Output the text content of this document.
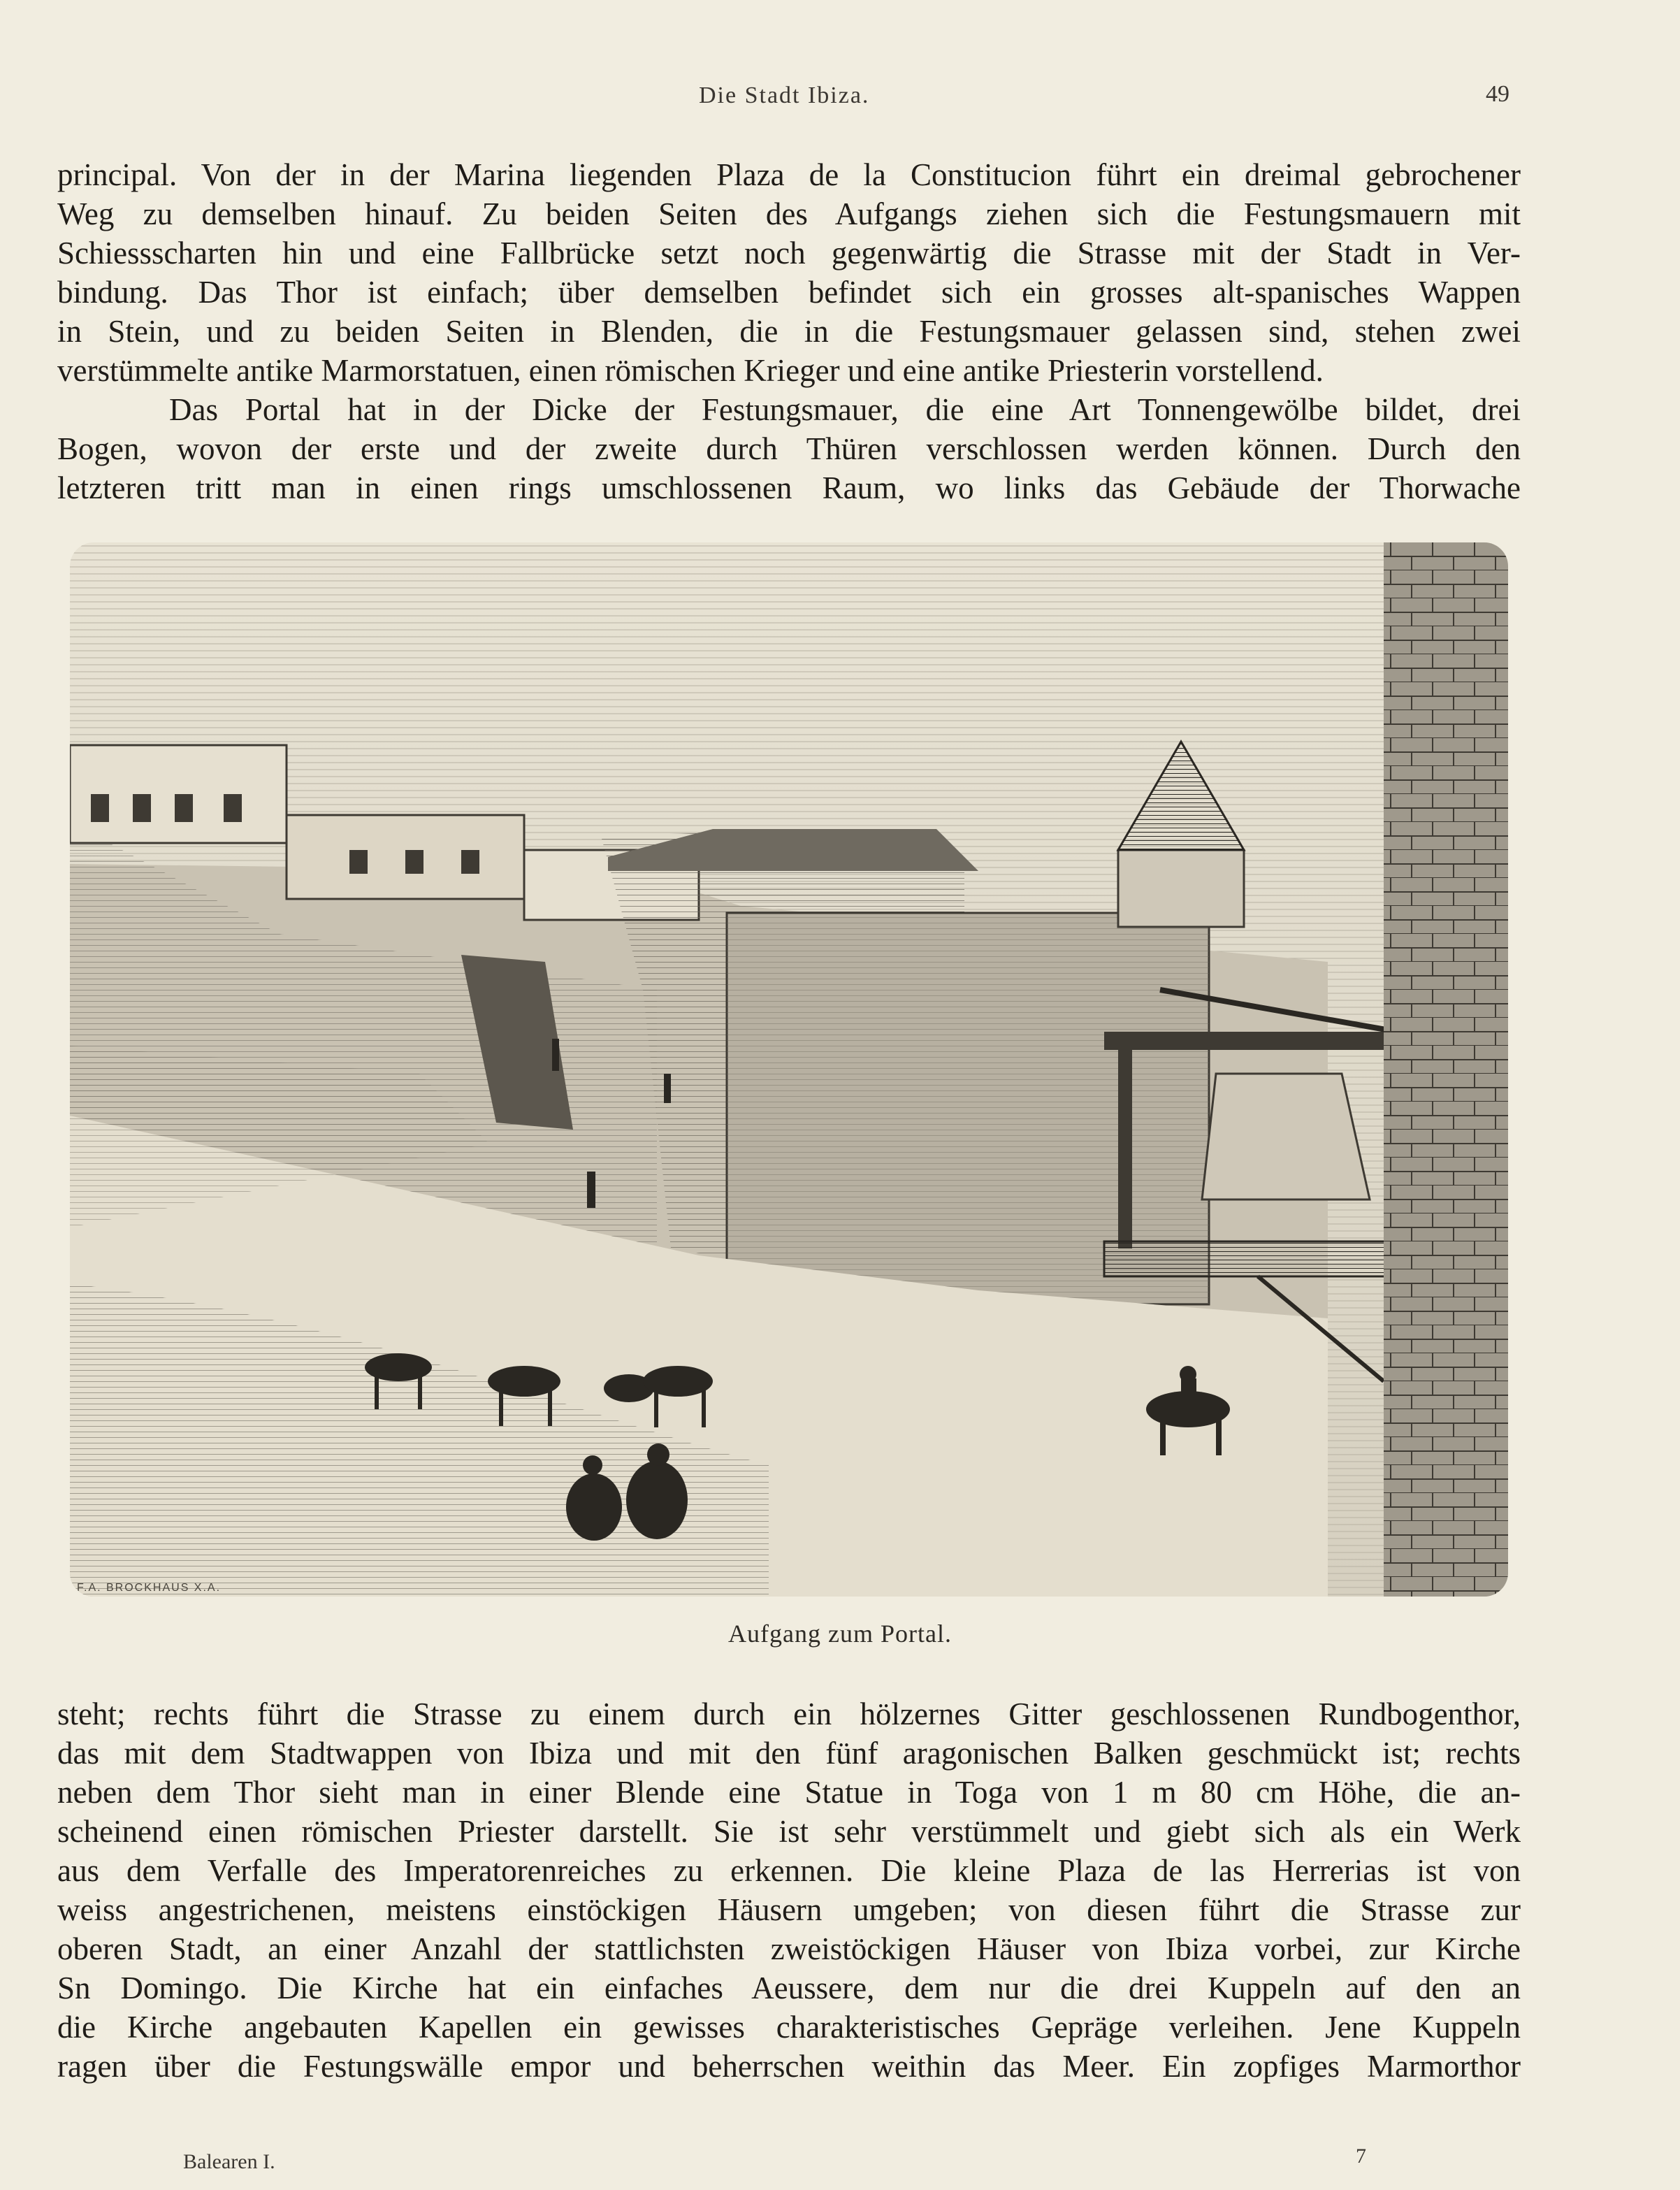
Die Stadt Ibiza.	49
principal. Von der in der Marina liegenden Plaza de la Constitucion führt ein dreimal gebrochener
Weg zu demselben hinauf. Zu beiden Seiten des Aufgangs ziehen sich die Festungsmauern mit
Schiessscharten hin und eine Fallbrücke setzt noch gegenwärtig die Strasse mit der Stadt in Ver-
bindung. Das Thor ist einfach; über demselben befindet sich ein grosses alt-spanisches Wappen
in Stein, und zu beiden Seiten in Blenden, die in die Festungsmauer gelassen sind, stehen zwei
verstümmelte antike Marmorstatuen, einen römischen Krieger und eine antike Priesterin vorstellend.
Das Portal hat in der Dicke der Festungsmauer, die eine Art Tonnengewölbe bildet, drei
Bogen, wovon der erste und der zweite durch Thüren verschlossen werden können. Durch den
letzteren tritt man in einen rings umschlossenen Raum, wo links das Gebäude der Thorwache
F.A. BROCKHAUS X.A.
Aufgang zum Portal.
steht; rechts führt die Strasse zu einem durch ein hölzernes Gitter geschlossenen Rundbogenthor,
das mit dem Stadtwappen von Ibiza und mit den fünf aragonischen Balken geschmückt ist; rechts
neben dem Thor sieht man in einer Blende eine Statue in Toga von 1 m 80 cm Höhe, die an-
scheinend einen römischen Priester darstellt. Sie ist sehr verstümmelt und giebt sich als ein Werk
aus dem Verfalle des Imperatorenreiches zu erkennen. Die kleine Plaza de las Herrerias ist von
weiss angestrichenen, meistens einstöckigen Häusern umgeben; von diesen führt die Strasse zur
oberen Stadt, an einer Anzahl der stattlichsten zweistöckigen Häuser von Ibiza vorbei, zur Kirche
Sn Domingo. Die Kirche hat ein einfaches Aeussere, dem nur die drei Kuppeln auf den an
die Kirche angebauten Kapellen ein gewisses charakteristisches Gepräge verleihen. Jene Kuppeln
ragen über die Festungswälle empor und beherrschen weithin das Meer. Ein zopfiges Marmorthor
Balearen I.	7
